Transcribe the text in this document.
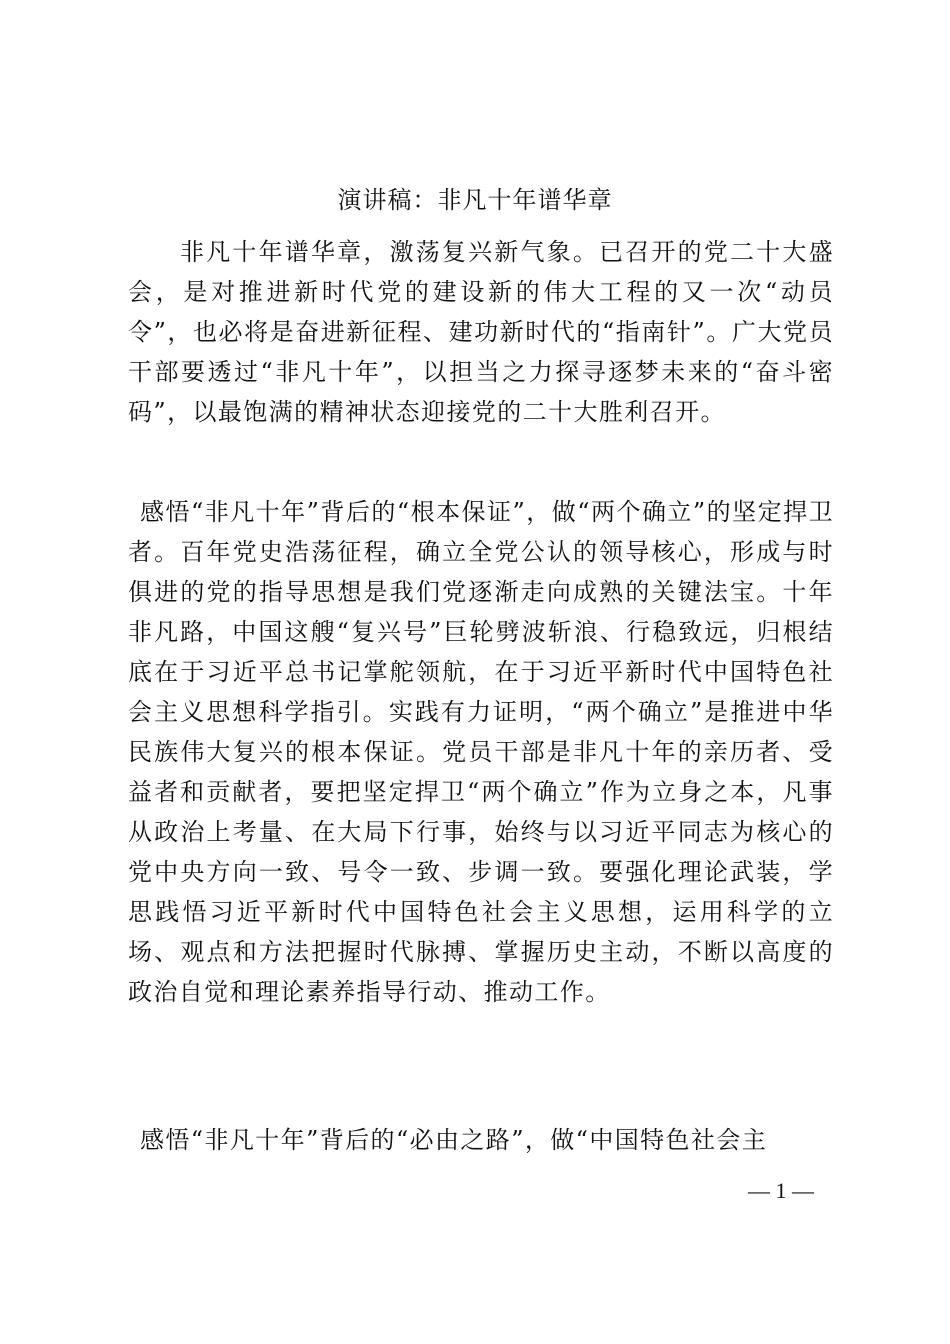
演讲稿：非凡十年谱华章

非凡十年谱华章，激荡复兴新气象。已召开的党二十大盛会，是对推进新时代党的建设新的伟大工程的又一次“动员令”，也必将是奋进新征程、建功新时代的“指南针”。广大党员干部要透过“非凡十年”，以担当之力探寻逐梦未来的“奋斗密码”，以最饱满的精神状态迎接党的二十大胜利召开。

感悟“非凡十年”背后的“根本保证”，做“两个确立”的坚定捍卫者。百年党史浩荡征程，确立全党公认的领导核心，形成与时俱进的党的指导思想是我们党逐渐走向成熟的关键法宝。十年非凡路，中国这艘“复兴号”巨轮劈波斩浪、行稳致远，归根结底在于习近平总书记掌舵领航，在于习近平新时代中国特色社会主义思想科学指引。实践有力证明，“两个确立”是推进中华民族伟大复兴的根本保证。党员干部是非凡十年的亲历者、受益者和贡献者，要把坚定捍卫“两个确立”作为立身之本，凡事从政治上考量、在大局下行事，始终与以习近平同志为核心的党中央方向一致、号令一致、步调一致。要强化理论武装，学思践悟习近平新时代中国特色社会主义思想，运用科学的立场、观点和方法把握时代脉搏、掌握历史主动，不断以高度的政治自觉和理论素养指导行动、推动工作。

感悟“非凡十年”背后的“必由之路”，做“中国特色社会主

— 1 —
